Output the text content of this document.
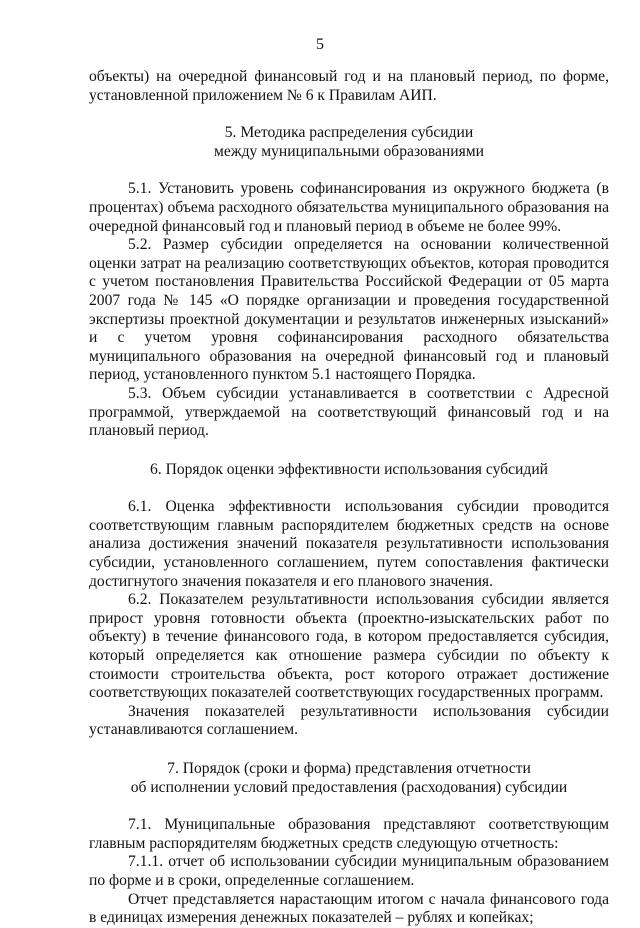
5

объекты) на очередной финансовый год и на плановый период, по форме, установленной приложением № 6 к Правилам АИП.

5. Методика распределения субсидии

между муниципальными образованиями

5.1. Установить уровень софинансирования из окружного бюджета (в процентах) объема расходного обязательства муниципального образования на очередной финансовый год и плановый период в объеме не более 99%.

5.2. Размер субсидии определяется на основании количественной оценки затрат на реализацию соответствующих объектов, которая проводится с учетом постановления Правительства Российской Федерации от 05 марта 2007 года № 145 «О порядке организации и проведения государственной экспертизы проектной документации и результатов инженерных изысканий» и с учетом уровня софинансирования расходного обязательства муниципального образования на очередной финансовый год и плановый период, установленного пунктом 5.1 настоящего Порядка.

5.3. Объем субсидии устанавливается в соответствии с Адресной программой, утверждаемой на соответствующий финансовый год и на плановый период.

6. Порядок оценки эффективности использования субсидий

6.1. Оценка эффективности использования субсидии проводится соответствующим главным распорядителем бюджетных средств на основе анализа достижения значений показателя результативности использования субсидии, установленного соглашением, путем сопоставления фактически достигнутого значения показателя и его планового значения.

6.2. Показателем результативности использования субсидии является прирост уровня готовности объекта (проектно-изыскательских работ по объекту) в течение финансового года, в котором предоставляется субсидия, который определяется как отношение размера субсидии по объекту к стоимости строительства объекта, рост которого отражает достижение соответствующих показателей соответствующих государственных программ.

Значения показателей результативности использования субсидии устанавливаются соглашением.

7. Порядок (сроки и форма) представления отчетности

об исполнении условий предоставления (расходования) субсидии

7.1. Муниципальные образования представляют соответствующим главным распорядителям бюджетных средств следующую отчетность:

7.1.1. отчет об использовании субсидии муниципальным образованием по форме и в сроки, определенные соглашением.

Отчет представляется нарастающим итогом с начала финансового года в единицах измерения денежных показателей – рублях и копейках;
